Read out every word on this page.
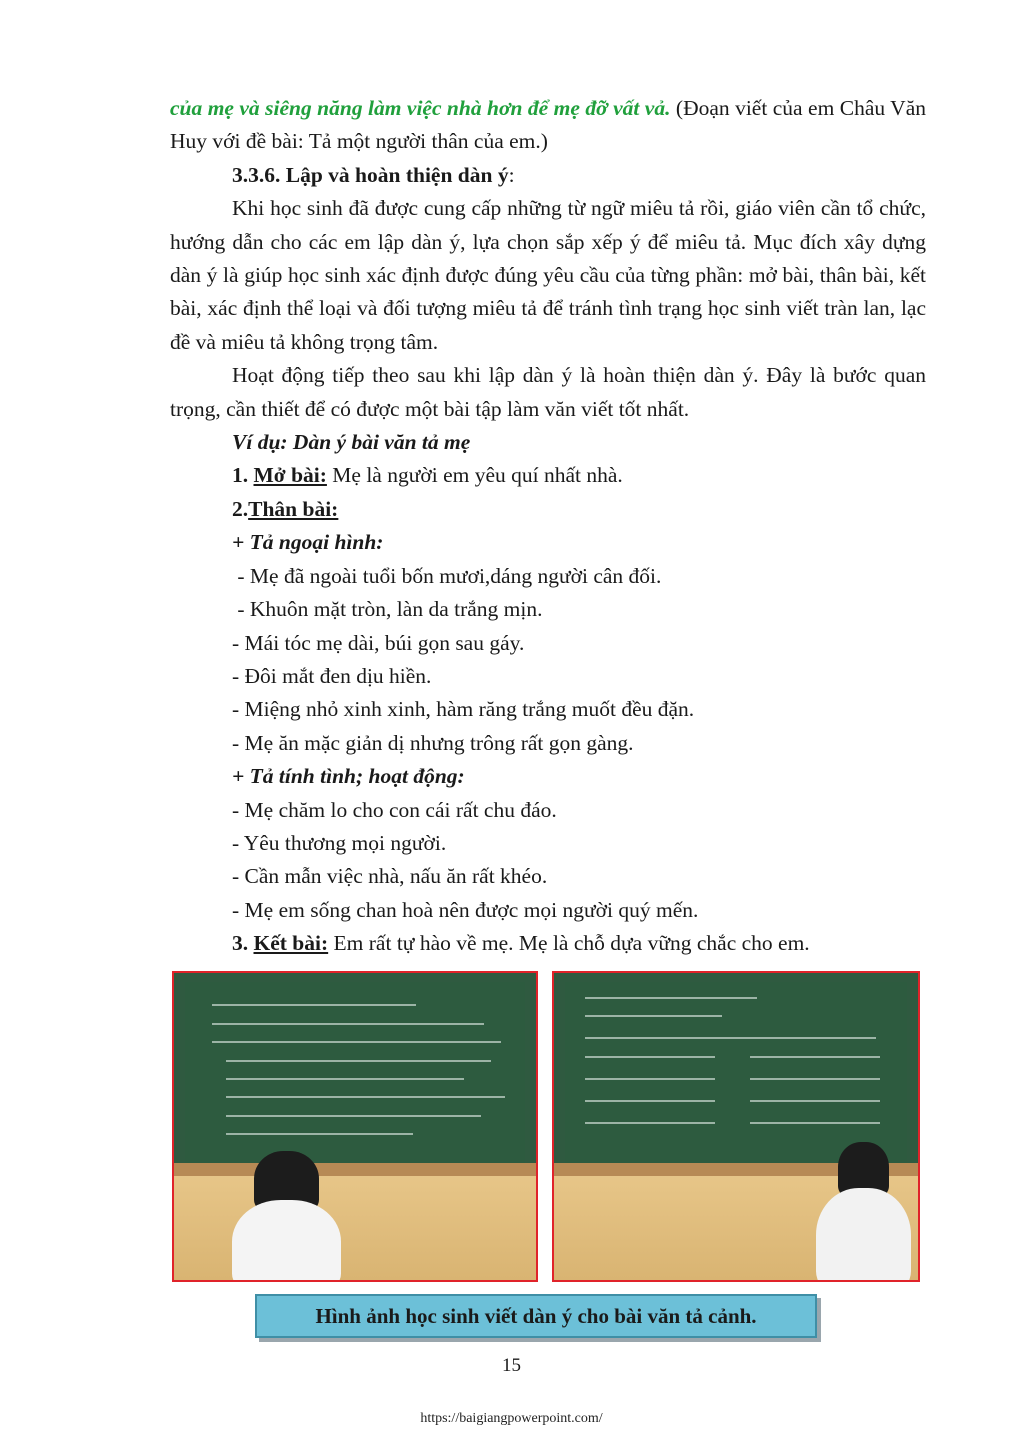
của mẹ và siêng năng làm việc nhà hơn để mẹ đỡ vất vả. (Đoạn viết của em Châu Văn Huy với đề bài: Tả một người thân của em.)

3.3.6. Lập và hoàn thiện dàn ý:

Khi học sinh đã được cung cấp những từ ngữ miêu tả rồi, giáo viên cần tổ chức, hướng dẫn cho các em lập dàn ý, lựa chọn sắp xếp ý để miêu tả. Mục đích xây dựng dàn ý là giúp học sinh xác định được đúng yêu cầu của từng phần: mở bài, thân bài, kết bài, xác định thể loại và đối tượng miêu tả để tránh tình trạng học sinh viết tràn lan, lạc đề và miêu tả không trọng tâm.

Hoạt động tiếp theo sau khi lập dàn ý là hoàn thiện dàn ý. Đây là bước quan trọng, cần thiết để có được một bài tập làm văn viết tốt nhất.

Ví dụ: Dàn ý bài văn tả mẹ

1. Mở bài: Mẹ là người em yêu quí nhất nhà.

2.Thân bài:

+ Tả ngoại hình:

- Mẹ đã ngoài tuổi bốn mươi,dáng người cân đối.

- Khuôn mặt tròn, làn da trắng mịn.

- Mái tóc mẹ dài, búi gọn sau gáy.

- Đôi mắt đen dịu hiền.

- Miệng nhỏ xinh xinh, hàm răng trắng muốt đều đặn.

- Mẹ ăn mặc giản dị nhưng trông rất gọn gàng.

+ Tả tính tình; hoạt động:

- Mẹ chăm lo cho con cái rất chu đáo.

- Yêu thương mọi người.

- Cần mẫn việc nhà, nấu ăn rất khéo.

- Mẹ em sống chan hoà nên được mọi người quý mến.

3. Kết bài: Em rất tự hào về mẹ. Mẹ là chỗ dựa vững chắc cho em.

Hình ảnh học sinh viết dàn ý cho bài văn tả cảnh.
15
https://baigiangpowerpoint.com/
